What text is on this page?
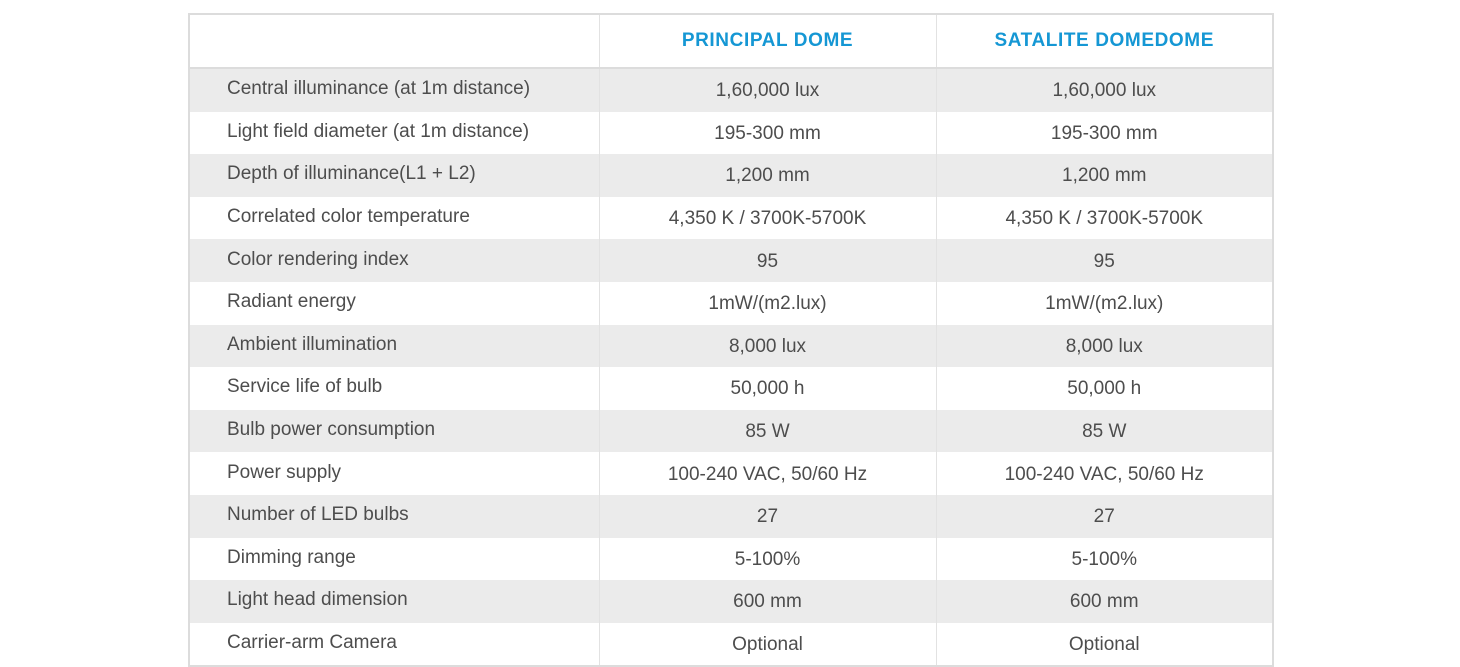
	PRINCIPAL DOME	SATALITE DOMEDOME
Central illuminance (at 1m distance)	1,60,000 lux	1,60,000 lux
Light field diameter (at 1m distance)	195-300 mm	195-300 mm
Depth of illuminance(L1 + L2)	1,200 mm	1,200 mm
Correlated color temperature	4,350 K / 3700K-5700K	4,350 K / 3700K-5700K
Color rendering index	95	95
Radiant energy	1mW/(m2.lux)	1mW/(m2.lux)
Ambient illumination	8,000 lux	8,000 lux
Service life of bulb	50,000 h	50,000 h
Bulb power consumption	85 W	85 W
Power supply	100-240 VAC, 50/60 Hz	100-240 VAC, 50/60 Hz
Number of LED bulbs	27	27
Dimming range	5-100%	5-100%
Light head dimension	600 mm	600 mm
Carrier-arm Camera	Optional	Optional
